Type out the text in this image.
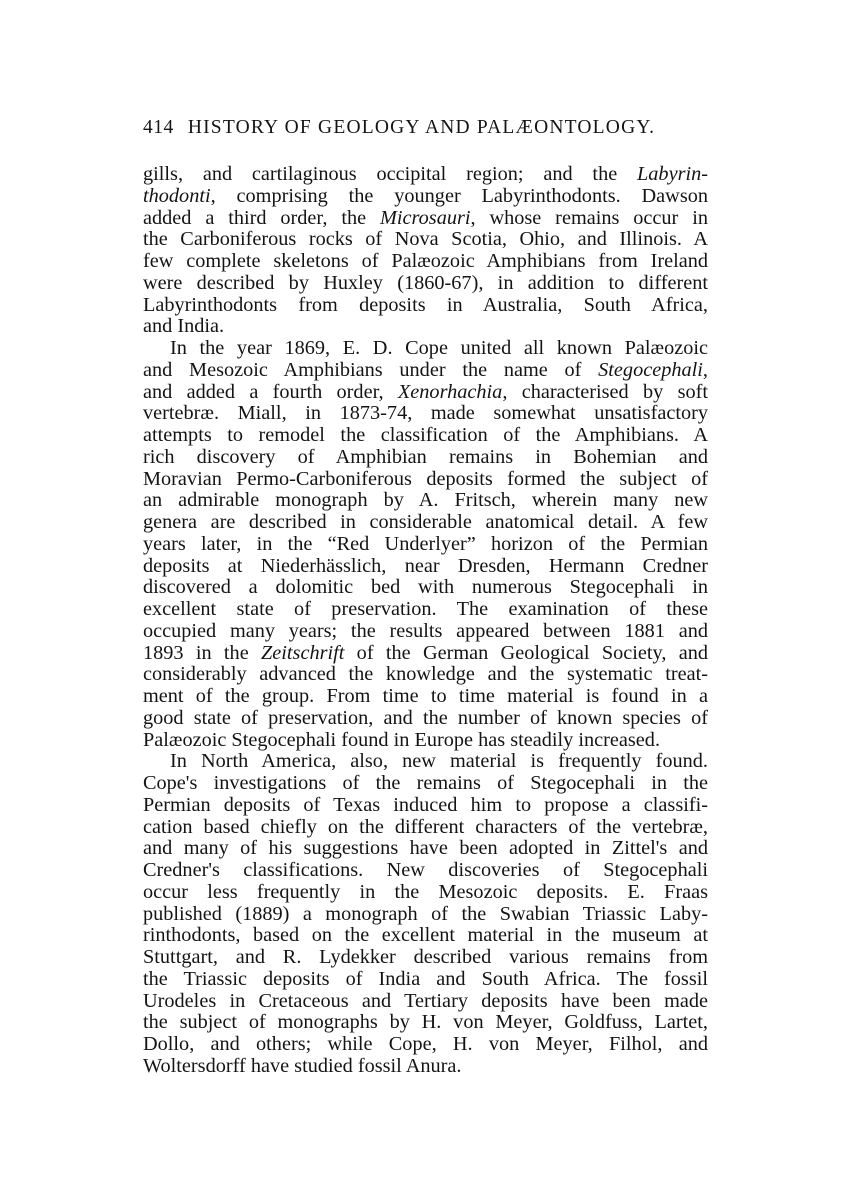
414 HISTORY OF GEOLOGY AND PALÆONTOLOGY.
gills, and cartilaginous occipital region; and the Labyrin-
thodonti, comprising the younger Labyrinthodonts. Dawson
added a third order, the Microsauri, whose remains occur in
the Carboniferous rocks of Nova Scotia, Ohio, and Illinois. A
few complete skeletons of Palæozoic Amphibians from Ireland
were described by Huxley (1860-67), in addition to different
Labyrinthodonts from deposits in Australia, South Africa,
and India.
In the year 1869, E. D. Cope united all known Palæozoic
and Mesozoic Amphibians under the name of Stegocephali,
and added a fourth order, Xenorhachia, characterised by soft
vertebræ. Miall, in 1873-74, made somewhat unsatisfactory
attempts to remodel the classification of the Amphibians. A
rich discovery of Amphibian remains in Bohemian and
Moravian Permo-Carboniferous deposits formed the subject of
an admirable monograph by A. Fritsch, wherein many new
genera are described in considerable anatomical detail. A few
years later, in the “Red Underlyer” horizon of the Permian
deposits at Niederhässlich, near Dresden, Hermann Credner
discovered a dolomitic bed with numerous Stegocephali in
excellent state of preservation. The examination of these
occupied many years; the results appeared between 1881 and
1893 in the Zeitschrift of the German Geological Society, and
considerably advanced the knowledge and the systematic treat-
ment of the group. From time to time material is found in a
good state of preservation, and the number of known species of
Palæozoic Stegocephali found in Europe has steadily increased.
In North America, also, new material is frequently found.
Cope's investigations of the remains of Stegocephali in the
Permian deposits of Texas induced him to propose a classifi-
cation based chiefly on the different characters of the vertebræ,
and many of his suggestions have been adopted in Zittel's and
Credner's classifications. New discoveries of Stegocephali
occur less frequently in the Mesozoic deposits. E. Fraas
published (1889) a monograph of the Swabian Triassic Laby-
rinthodonts, based on the excellent material in the museum at
Stuttgart, and R. Lydekker described various remains from
the Triassic deposits of India and South Africa. The fossil
Urodeles in Cretaceous and Tertiary deposits have been made
the subject of monographs by H. von Meyer, Goldfuss, Lartet,
Dollo, and others; while Cope, H. von Meyer, Filhol, and
Woltersdorff have studied fossil Anura.
